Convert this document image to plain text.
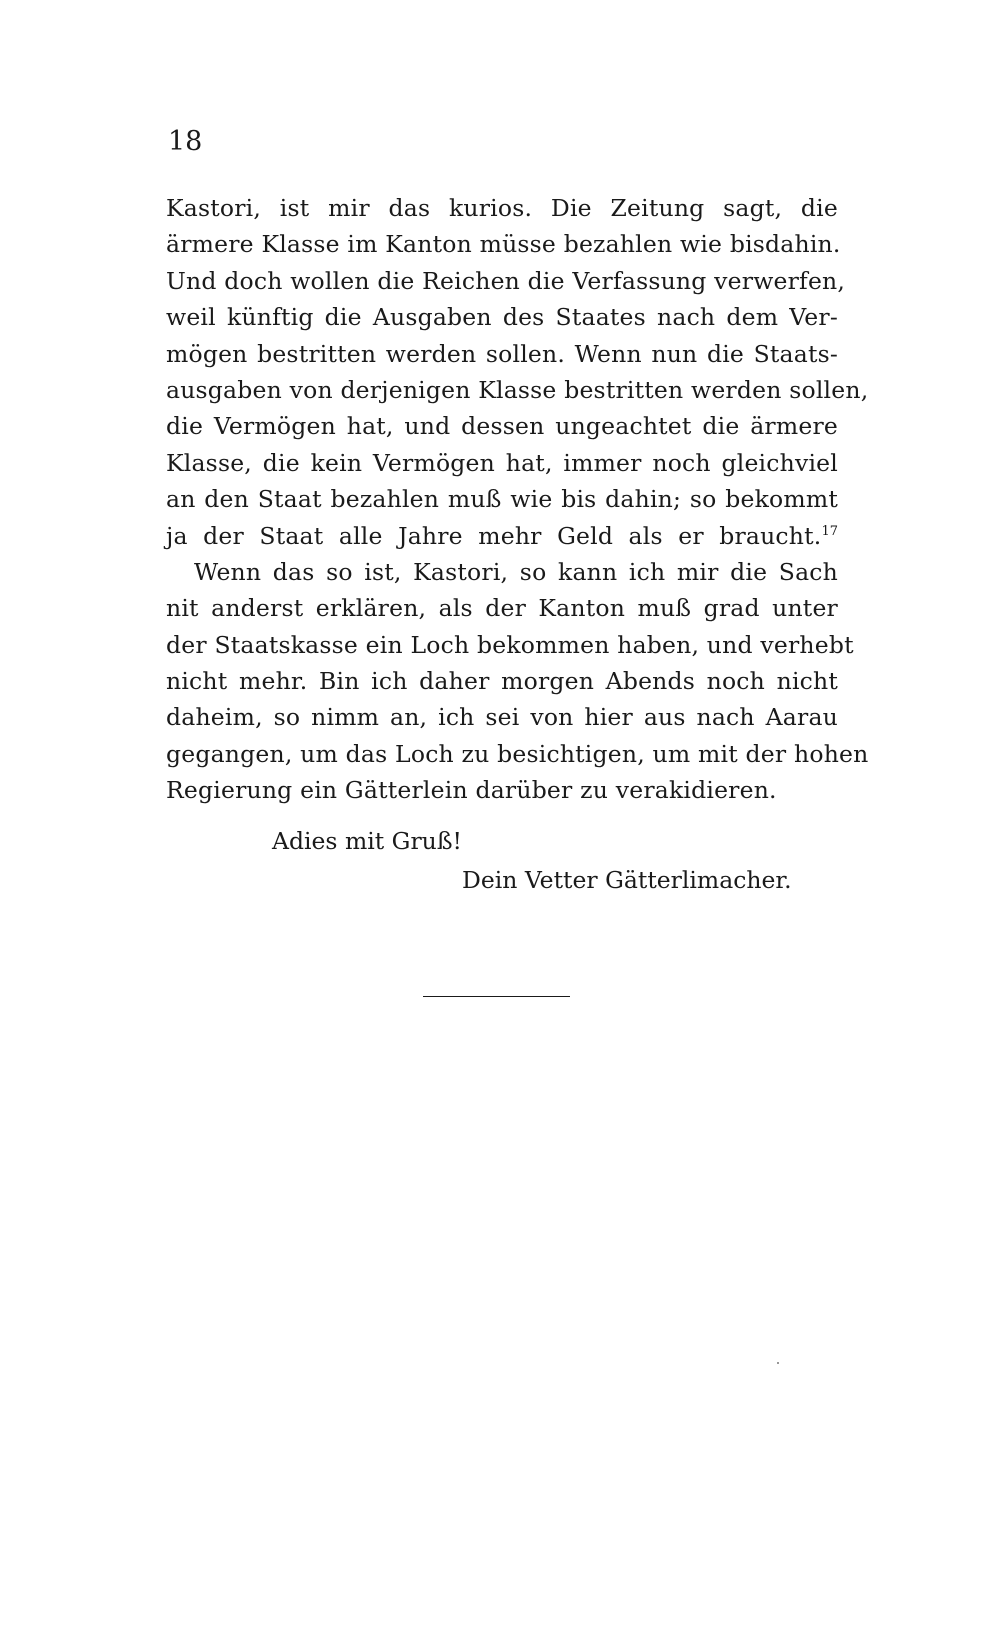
18
Kastori, ist mir das kurios. Die Zeitung sagt, die
ärmere Klasse im Kanton müsse bezahlen wie bisdahin.
Und doch wollen die Reichen die Verfassung verwerfen,
weil künftig die Ausgaben des Staates nach dem Ver-
mögen bestritten werden sollen. Wenn nun die Staats-
ausgaben von derjenigen Klasse bestritten werden sollen,
die Vermögen hat, und dessen ungeachtet die ärmere
Klasse, die kein Vermögen hat, immer noch gleichviel
an den Staat bezahlen muß wie bis dahin; so bekommt
ja der Staat alle Jahre mehr Geld als er braucht.$^{17}$
Wenn das so ist, Kastori, so kann ich mir die Sach
nit anderst erklären, als der Kanton muß grad unter
der Staatskasse ein Loch bekommen haben, und verhebt
nicht mehr. Bin ich daher morgen Abends noch nicht
daheim, so nimm an, ich sei von hier aus nach Aarau
gegangen, um das Loch zu besichtigen, um mit der hohen
Regierung ein Gätterlein darüber zu verakidieren.
Adies mit Gruß!
Dein Vetter Gätterlimacher.
